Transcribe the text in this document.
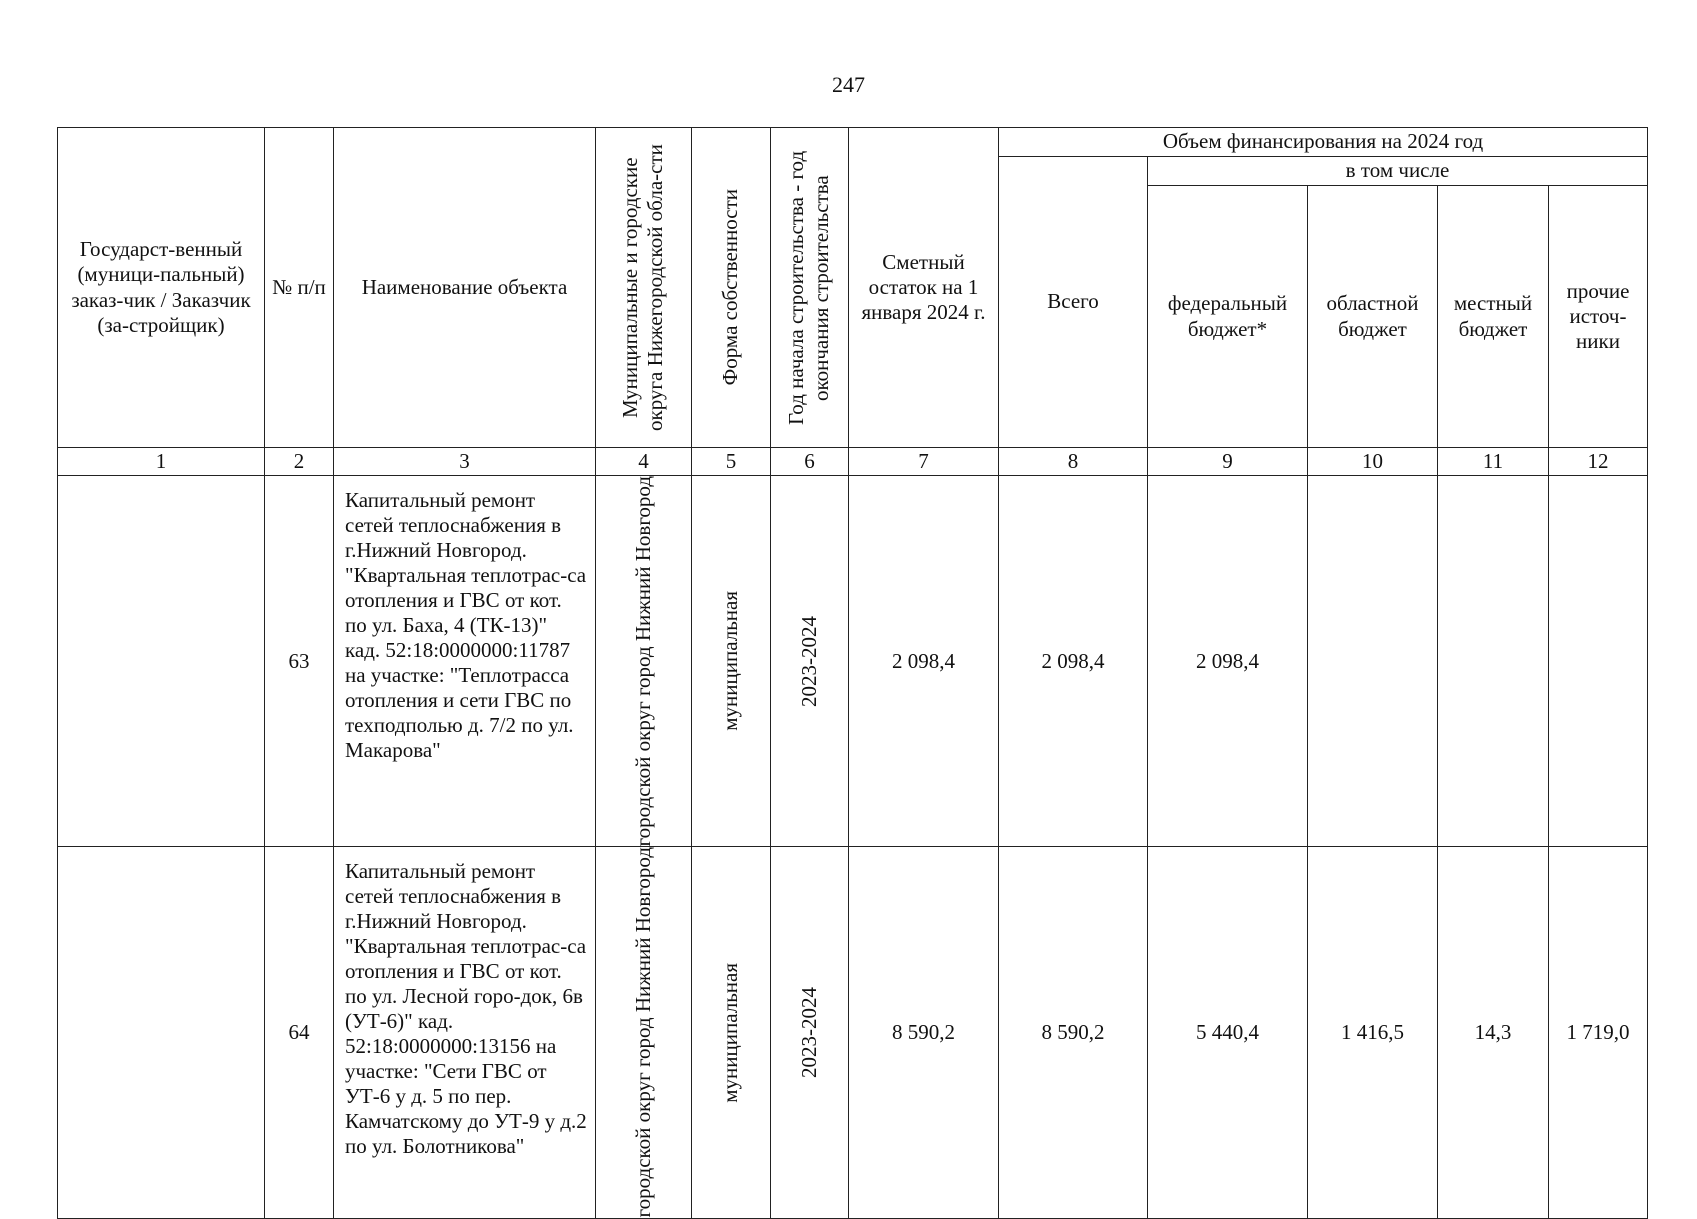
247
Государст-венный (муници-пальный) заказ-чик / Заказчик (за-стройщик)	№ п/п	Наименование объекта	Муниципальные и городские округа Нижегородской обла-сти	Форма собственности	Год начала строительства - год окончания строительства	Сметный остаток на 1 января 2024 г.	Объем финансирования на 2024 год				
							Всего	в том числе			

								федеральный бюджет*	областной бюджет	местный бюджет	прочие источ-ники

1	2	3	4	5	6	7	8	9	10	11	12
	63	Капитальный ремонт сетей теплоснабжения в г.Нижний Новгород. "Квартальная теплотрас-са отопления и ГВС от кот. по ул. Баха, 4 (ТК-13)" кад. 52:18:0000000:11787 на участке: "Теплотрасса отопления и сети ГВС по техподполью д. 7/2 по ул. Макарова"	городской округ город Нижний Новгород	муниципальная	2023-2024	2 098,4	2 098,4	2 098,4			
	64	Капитальный ремонт сетей теплоснабжения в г.Нижний Новгород. "Квартальная теплотрас-са отопления и ГВС от кот. по ул. Лесной горо-док, 6в (УТ-6)" кад. 52:18:0000000:13156 на участке: "Сети ГВС от УТ-6 у д. 5 по пер. Камчатскому до УТ-9 у д.2 по ул. Болотникова"	городской округ город Нижний Новгород	муниципальная	2023-2024	8 590,2	8 590,2	5 440,4	1 416,5	14,3	1 719,0
